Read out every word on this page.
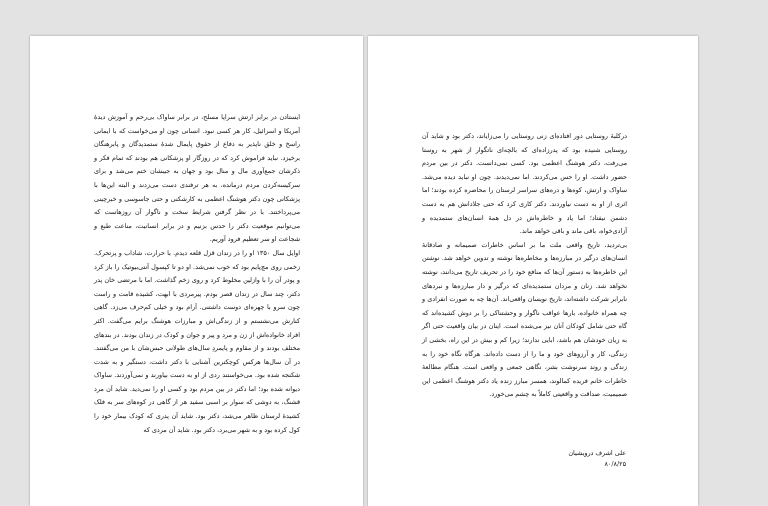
ایستادن در برابر ارتش سراپا مسلح، در برابر ساواک بی‌رحم و آموزش دیدهٔ آمریکا و اسرائیل، کار هر کسی نبود. انسانی چون او می‌خواست که با ایمانی راسخ و خلق ناپذیر به دفاع از حقوق پایمال شدهٔ ستمدیدگان و پابرهنگان برخیزد. نباید فراموش کرد که در روزگار او پزشکانی هم بودند که تمام فکر و ذکرشان جمع‌آوری مال و منال بود و جهان به جیبشان ختم می‌شد و برای سرکیسه‌کردن مردم درمانده، به هر ترفندی دست می‌زدند و البته این‌ها با پزشکانی چون دکتر هوشنگ اعظمی به کارشکنی و حتی جاسوسی و خبرچینی می‌پرداختند. با در نظر گرفتن شرایط سخت و ناگوار آن روزهاست که می‌توانیم موقعیت دکتر را حدس بزنیم و در برابر انسانیت، مناعت طبع و شجاعت او سر تعظیم فرود آوریم.

اوایل سال ۱۳۵۰ او را در زندان قزل قلعه دیدم. با حرارت، شاداب و پرتحرک. زخمی روی مچ‌پایم بود که خوب نمی‌شد. او دو تا کپسول آنتی‌بیوتیک را باز کرد و پودر آن را با وازلین مخلوط کرد و روی زخم گذاشت. اما با مرتضی خان پدر دکتر، چند سال در زندان قصر بودم. پیرمردی با ابهت، کشیده قامت و راست چون سرو با چهره‌ای دوست داشتنی. آرام بود و خیلی کم‌حرف می‌زد. گاهی کنارش می‌نشستم و از زندگی‌اش و مبارزات هوشنگ برایم می‌گفت. اکثر افراد خانواده‌اش از زن و مرد و پیر و جوان و کودک در زندان بودند. در بندهای مختلف بودند و از مقاوم و پایمردِ سال‌های طولانی حبس‌شان با من می‌گفتند. در آن سال‌ها هرکس کوچکترین آشنایی با دکتر داشت، دستگیر و به شدت شکنجه شده بود. می‌خواستند ردی از او به دست بیاورند و نمی‌آوردند. ساواک دیوانه شده بود؛ اما دکتر در بین مردم بود و کسی او را نمی‌دید. شاید آن مرد قشنگ، به دوشی که سوار بر اسبی سفید هر از گاهی در کوه‌های سر به فلک کشیدهٔ لرستان ظاهر می‌شد، دکتر بود. شاید آن پدری که کودک بیمار خود را کول کرده بود و به شهر می‌برد، دکتر بود. شاید آن مردی که

درکلبهٔ روستایی دور افتاده‌ای زنی روستایی را می‌زایاند، دکتر بود و شاید آن روستایی شنیده بود که پدرزاده‌ای که بالچه‌ای ناتگوار از شهر به روستا می‌رفت، دکتر هوشنگ اعظمی بود. کسی نمی‌دانست. دکتر در بین مردم حضور داشت. او را حس می‌کردند. اما نمی‌دیدند. چون او نباید دیده می‌شد. ساواک و ارتش، کوه‌ها و دره‌های سراسر لرستان را محاصره کرده بودند؛ اما اثری از او به دست نیاوردند. دکتر کاری کرد که حتی جلادانش هم به دست دشمن نیفتاد؛ اما یاد و خاطره‌اش در دل همهٔ انسان‌های ستمدیده و آزادی‌خواه، باقی ماند و باقی خواهد ماند.

بی‌تردید، تاریخ واقعی ملت ما بر اساس خاطرات صمیمانه و صادقانهٔ انسان‌های درگیر در مبارزه‌ها و مخاطره‌ها نوشته و تدوین خواهد شد. نوشتن این خاطره‌ها به دستور آن‌ها که منافع خود را در تحریف تاریخ می‌دانند، نوشته نخواهد شد. زنان و مردان ستمدیده‌ای که درگیر و دار مبارزه‌ها و نبردهای نابرابر شرکت داشته‌اند، تاریخ نویسان واقعی‌اند. آن‌ها چه به صورت انفرادی و چه همراه خانواده، بارها عواقب ناگوار و وحشتناکی را بر دوش کشیده‌اند که گاه حتی شامل کودکان آنان نیز می‌شده است. اینان در بیان واقعیت حتی اگر به زیان خودشان هم باشد، ابایی ندارند؛ زیرا کم و بیش در این راه، بخشی از زندگی، کار و آرزوهای خود و ما را از دست داده‌اند. هرگاه نگاه خود را به زندگی و روند سرنوشت بشر، نگاهی جمعی و واقعی است. هنگام مطالعهٔ خاطرات خانم فریده کمالوند، همسر مبارز زنده یاد دکتر هوشنگ اعظمی این صمیمیت، صداقت و واقعیتی کاملاً به چشم می‌خورد.

علی اشرف درویشیان
۸۰/۸/۲۵
